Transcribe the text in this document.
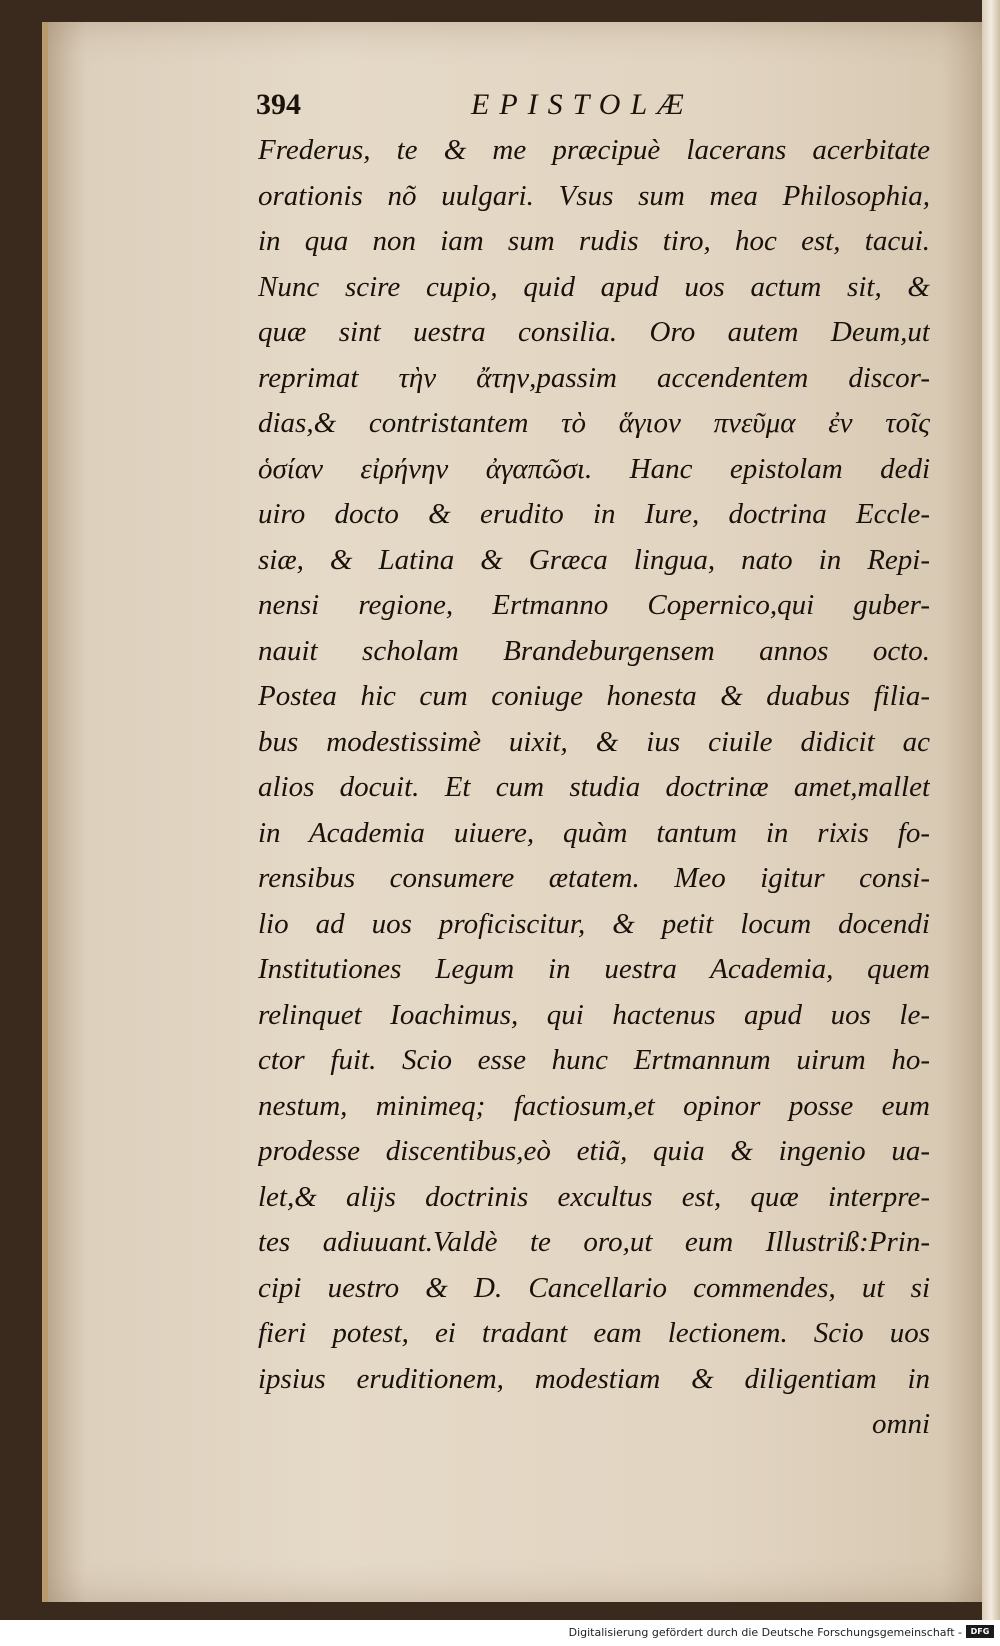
394	EPISTOLÆ
Frederus, te & me præcipuè lacerans acerbitate
orationis nõ uulgari. Vsus sum mea Philosophia,
in qua non iam sum rudis tiro, hoc est, tacui.
Nunc scire cupio, quid apud uos actum sit, &
quæ sint uestra consilia. Oro autem Deum,ut
reprimat τὴν ἄτην,passim accendentem discor-
dias,& contristantem τὸ ἅγιον πνεῦμα ἐν τοῖς
ὁσίαν εἰρήνην ἀγαπῶσι. Hanc epistolam dedi
uiro docto & erudito in Iure, doctrina Eccle-
siæ, & Latina & Græca lingua, nato in Repi-
nensi regione, Ertmanno Copernico,qui guber-
nauit scholam Brandeburgensem annos octo.
Postea hic cum coniuge honesta & duabus filia-
bus modestissimè uixit, & ius ciuile didicit ac
alios docuit. Et cum studia doctrinæ amet,mallet
in Academia uiuere, quàm tantum in rixis fo-
rensibus consumere ætatem. Meo igitur consi-
lio ad uos proficiscitur, & petit locum docendi
Institutiones Legum in uestra Academia, quem
relinquet Ioachimus, qui hactenus apud uos le-
ctor fuit. Scio esse hunc Ertmannum uirum ho-
nestum, minimeq; factiosum,et opinor posse eum
prodesse discentibus,eò etiã, quia & ingenio ua-
let,& alijs doctrinis excultus est, quæ interpre-
tes adiuuant.Valdè te oro,ut eum Illustriß:Prin-
cipi uestro & D. Cancellario commendes, ut si
fieri potest, ei tradant eam lectionem. Scio uos
ipsius eruditionem, modestiam & diligentiam in
omni
Digitalisierung gefördert durch die Deutsche Forschungsgemeinschaft -	DFG
